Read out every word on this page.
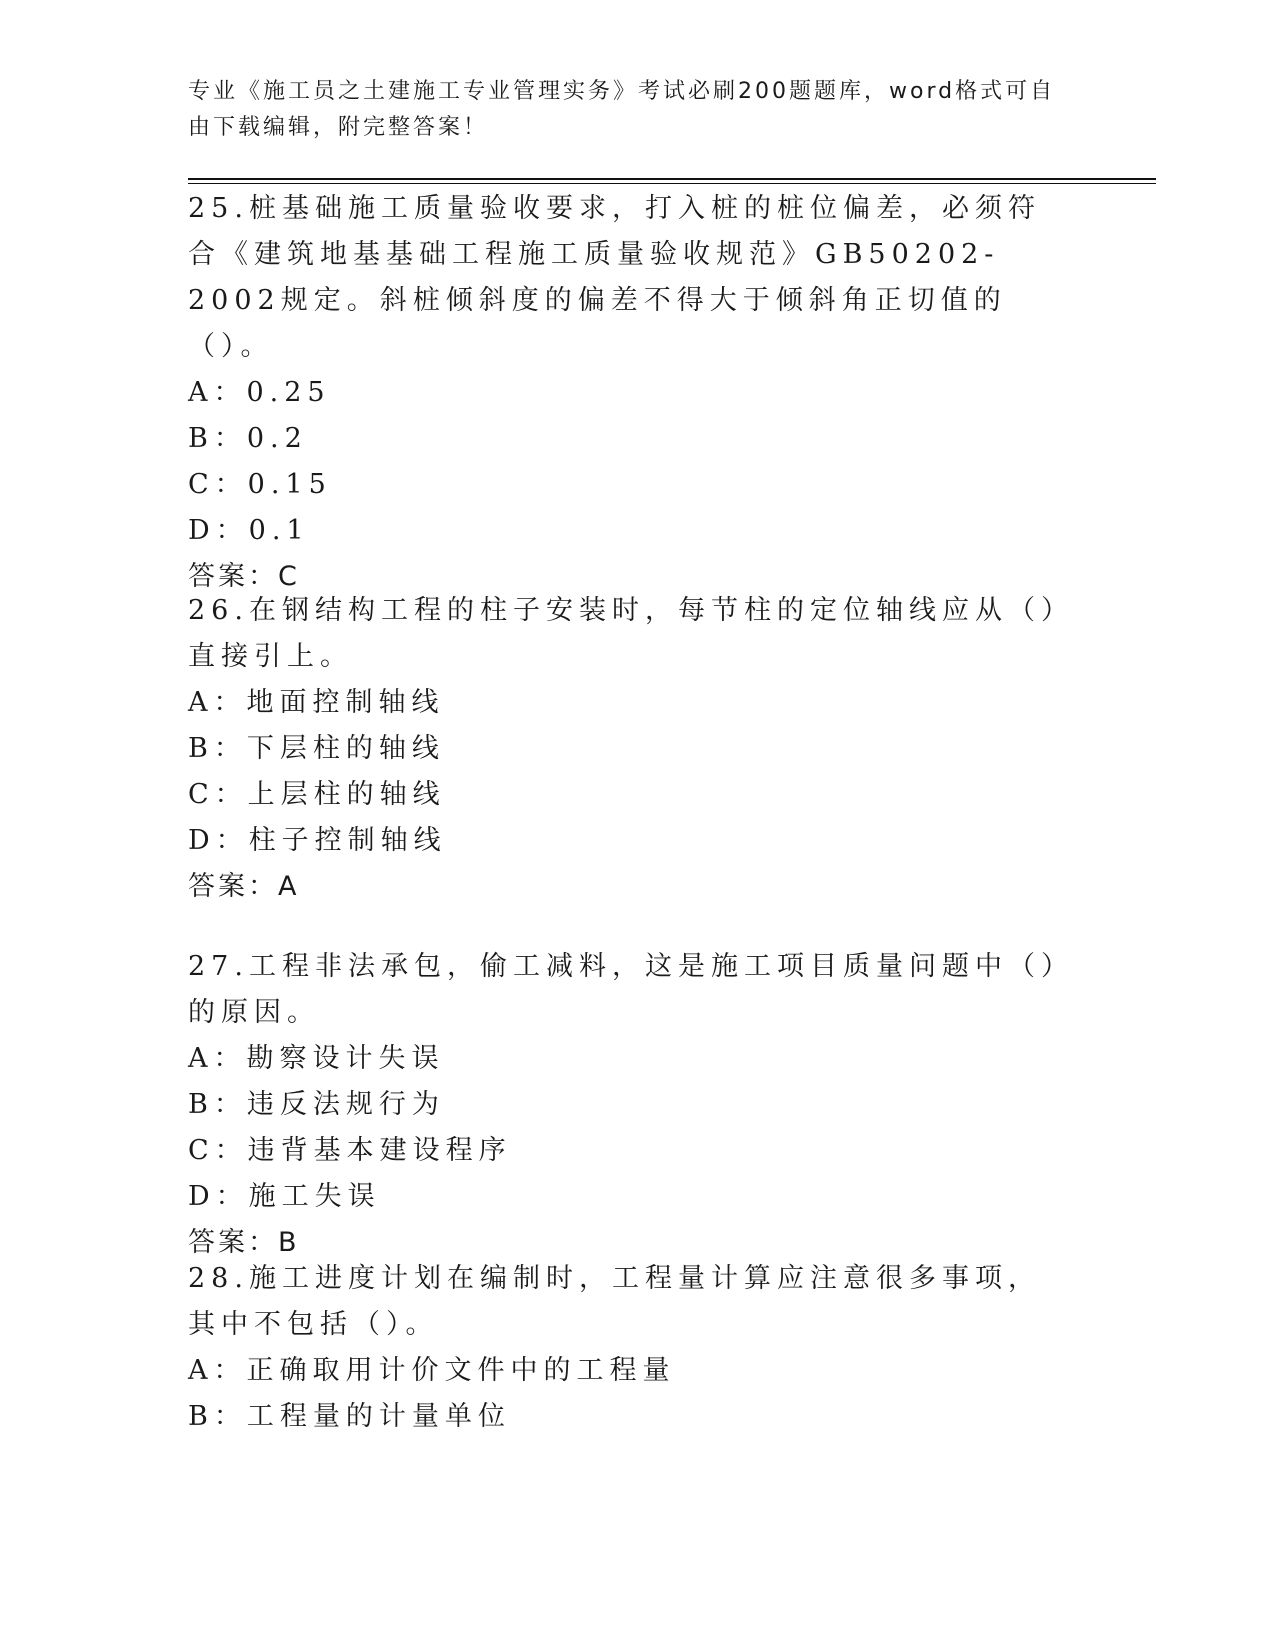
专业《施工员之土建施工专业管理实务》考试必刷200题题库，word格式可自由下载编辑，附完整答案！
25.桩基础施工质量验收要求，打入桩的桩位偏差，必须符合《建筑地基基础工程施工质量验收规范》GB50202-2002规定。斜桩倾斜度的偏差不得大于倾斜角正切值的（）。
A：0.25
B：0.2
C：0.15
D：0.1
答案：C
26.在钢结构工程的柱子安装时，每节柱的定位轴线应从（）直接引上。
A：地面控制轴线
B：下层柱的轴线
C：上层柱的轴线
D：柱子控制轴线
答案：A
27.工程非法承包，偷工减料，这是施工项目质量问题中（）的原因。
A：勘察设计失误
B：违反法规行为
C：违背基本建设程序
D：施工失误
答案：B
28.施工进度计划在编制时，工程量计算应注意很多事项，其中不包括（）。
A：正确取用计价文件中的工程量
B：工程量的计量单位
